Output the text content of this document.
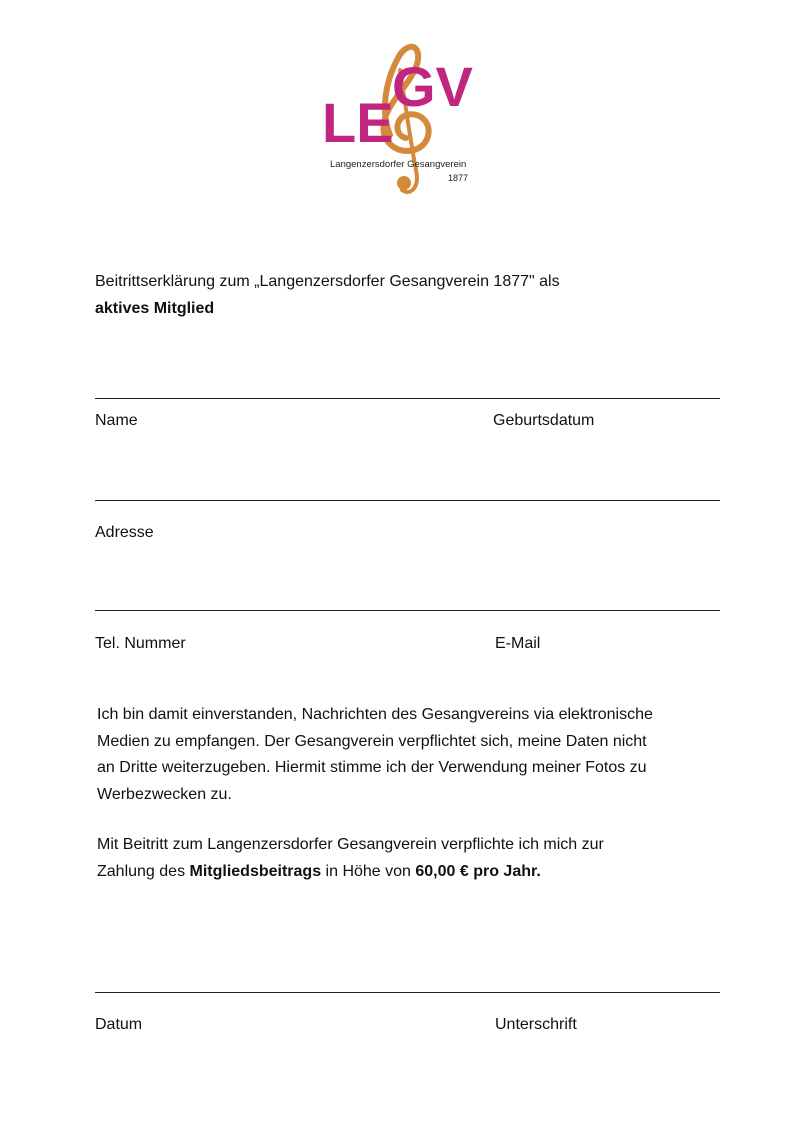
LE
GV
Langenzersdorfer Gesangverein
1877
Beitrittserklärung zum „Langenzersdorfer Gesangverein 1877" als
aktives Mitglied
Name	Geburtsdatum
Adresse
Tel. Nummer	E-Mail
Ich bin damit einverstanden, Nachrichten des Gesangvereins via elektronische
Medien zu empfangen. Der Gesangverein verpflichtet sich, meine Daten nicht
an Dritte weiterzugeben. Hiermit stimme ich der Verwendung meiner Fotos zu
Werbezwecken zu.
Mit Beitritt zum Langenzersdorfer Gesangverein verpflichte ich mich zur
Zahlung des Mitgliedsbeitrags in Höhe von 60,00 € pro Jahr.
Datum	Unterschrift
